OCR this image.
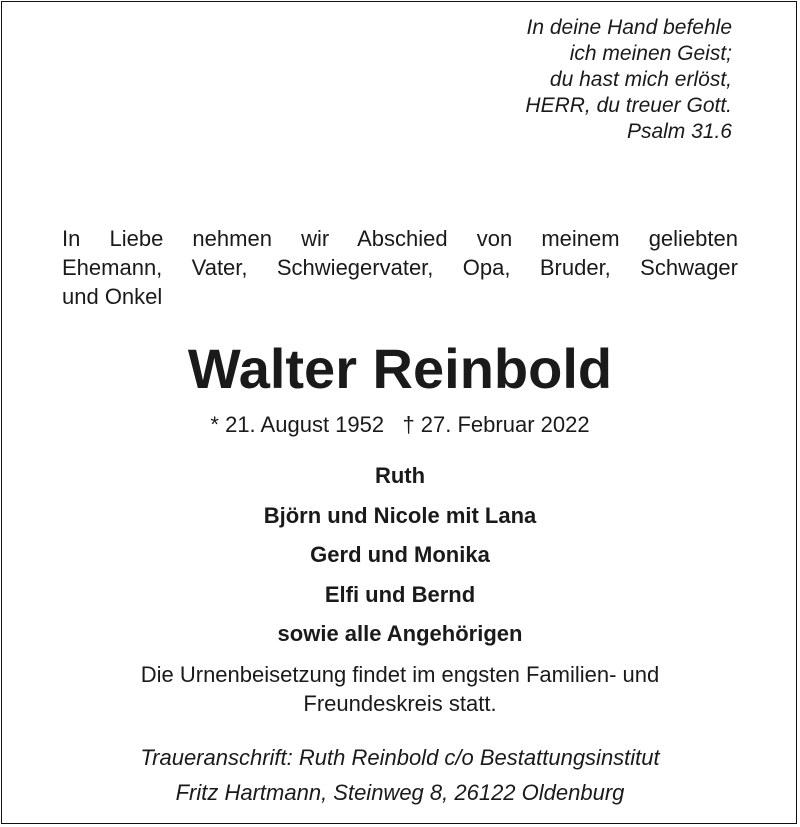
In deine Hand befehle
ich meinen Geist;
du hast mich erlöst,
HERR, du treuer Gott.
Psalm 31.6
In Liebe nehmen wir Abschied von meinem geliebten
Ehemann, Vater, Schwiegervater, Opa, Bruder, Schwager
und Onkel
Walter Reinbold
* 21. August 1952 † 27. Februar 2022
Ruth
Björn und Nicole mit Lana
Gerd und Monika
Elfi und Bernd
sowie alle Angehörigen
Die Urnenbeisetzung findet im engsten Familien- und
Freundeskreis statt.
Traueranschrift: Ruth Reinbold c/o Bestattungsinstitut
Fritz Hartmann, Steinweg 8, 26122 Oldenburg
